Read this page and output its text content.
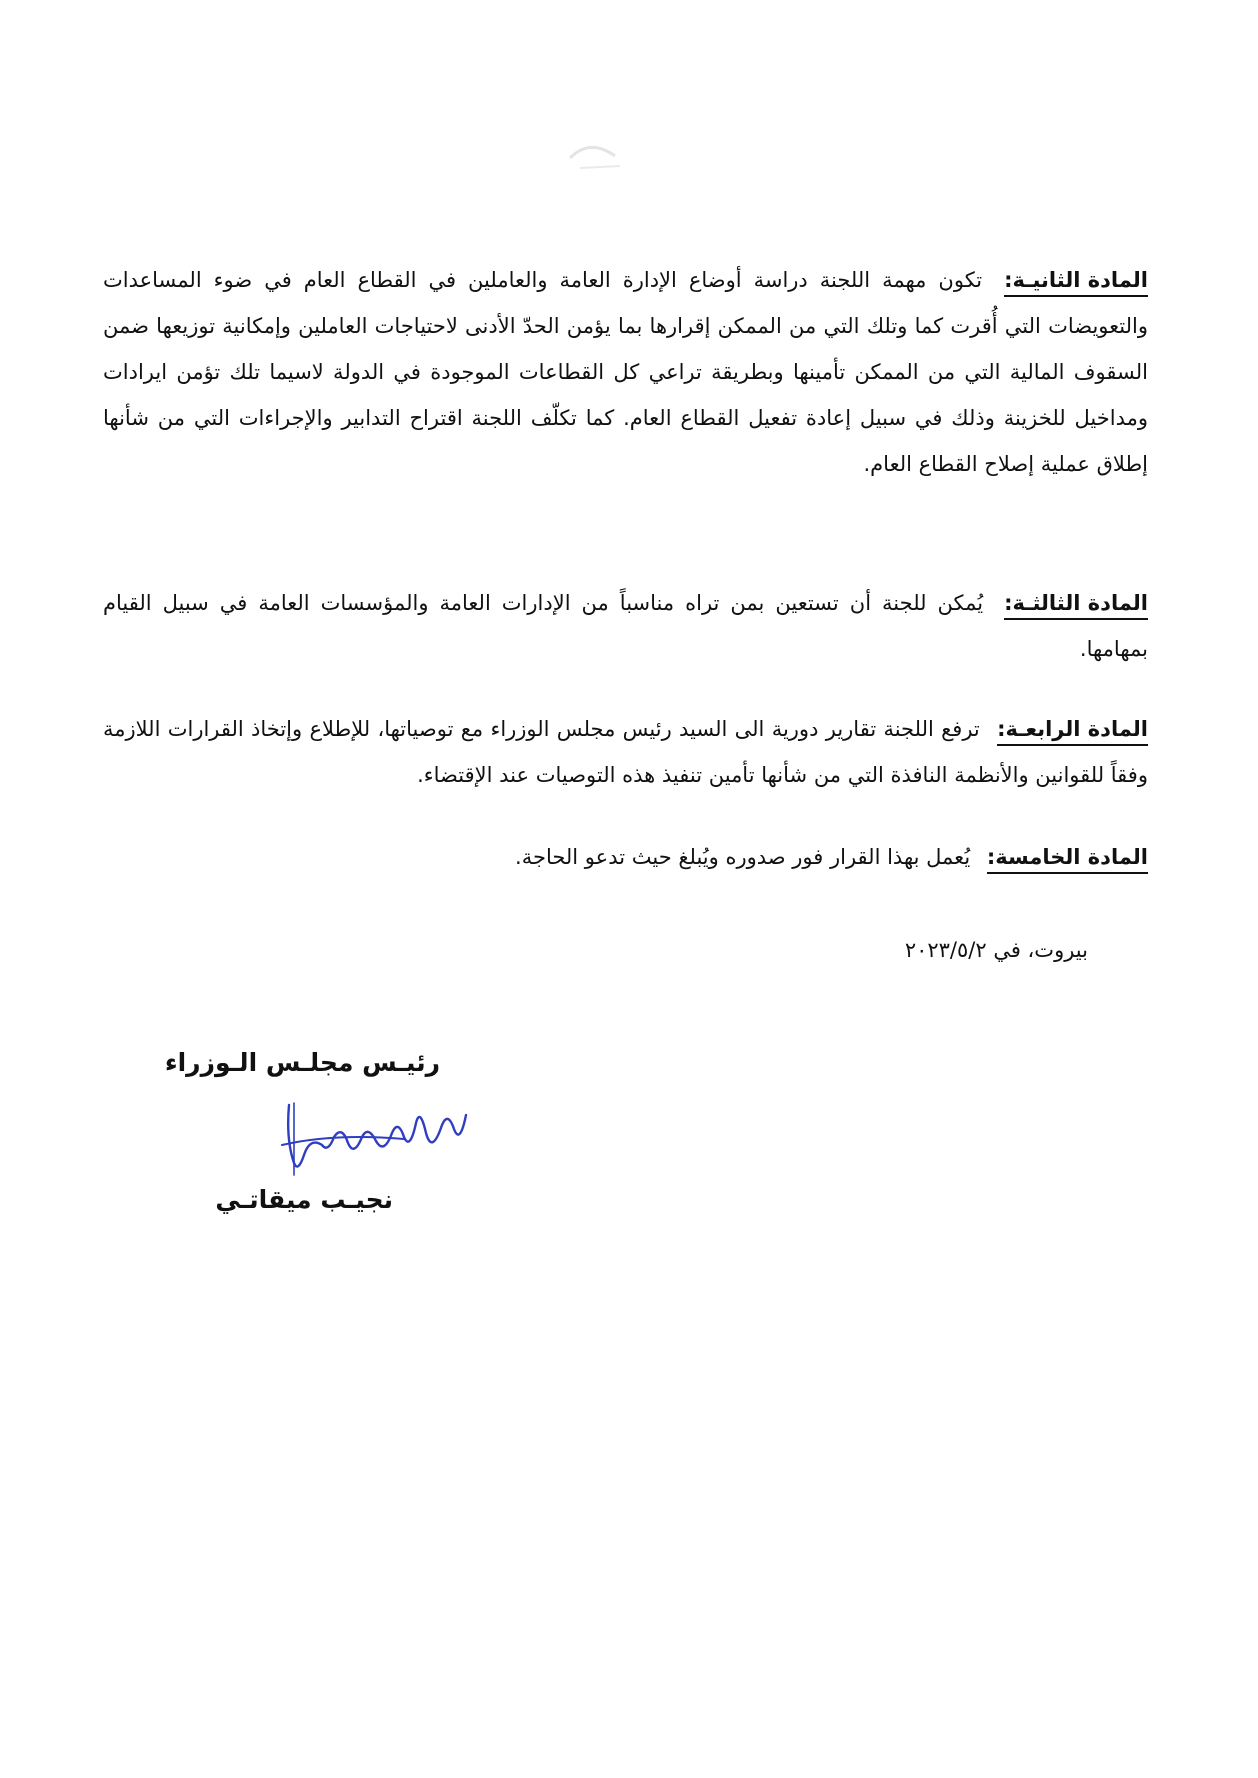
المادة الثانيـة: تكون مهمة اللجنة دراسة أوضاع الإدارة العامة والعاملين في القطاع العام في ضوء المساعدات والتعويضات التي أُقرت كما وتلك التي من الممكن إقرارها بما يؤمن الحدّ الأدنى لاحتياجات العاملين وإمكانية توزيعها ضمن السقوف المالية التي من الممكن تأمينها وبطريقة تراعي كل القطاعات الموجودة في الدولة لاسيما تلك تؤمن ايرادات ومداخيل للخزينة وذلك في سبيل إعادة تفعيل القطاع العام. كما تكلّف اللجنة اقتراح التدابير والإجراءات التي من شأنها إطلاق عملية إصلاح القطاع العام.
المادة الثالثـة: يُمكن للجنة أن تستعين بمن تراه مناسباً من الإدارات العامة والمؤسسات العامة في سبيل القيام بمهامها.
المادة الرابعـة: ترفع اللجنة تقارير دورية الى السيد رئيس مجلس الوزراء مع توصياتها، للإطلاع وإتخاذ القرارات اللازمة وفقاً للقوانين والأنظمة النافذة التي من شأنها تأمين تنفيذ هذه التوصيات عند الإقتضاء.
المادة الخامسة: يُعمل بهذا القرار فور صدوره ويُبلغ حيث تدعو الحاجة.
بيروت، في ٢٠٢٣/٥/٢
رئيـس مجلـس الـوزراء
نجيـب ميقاتـي
